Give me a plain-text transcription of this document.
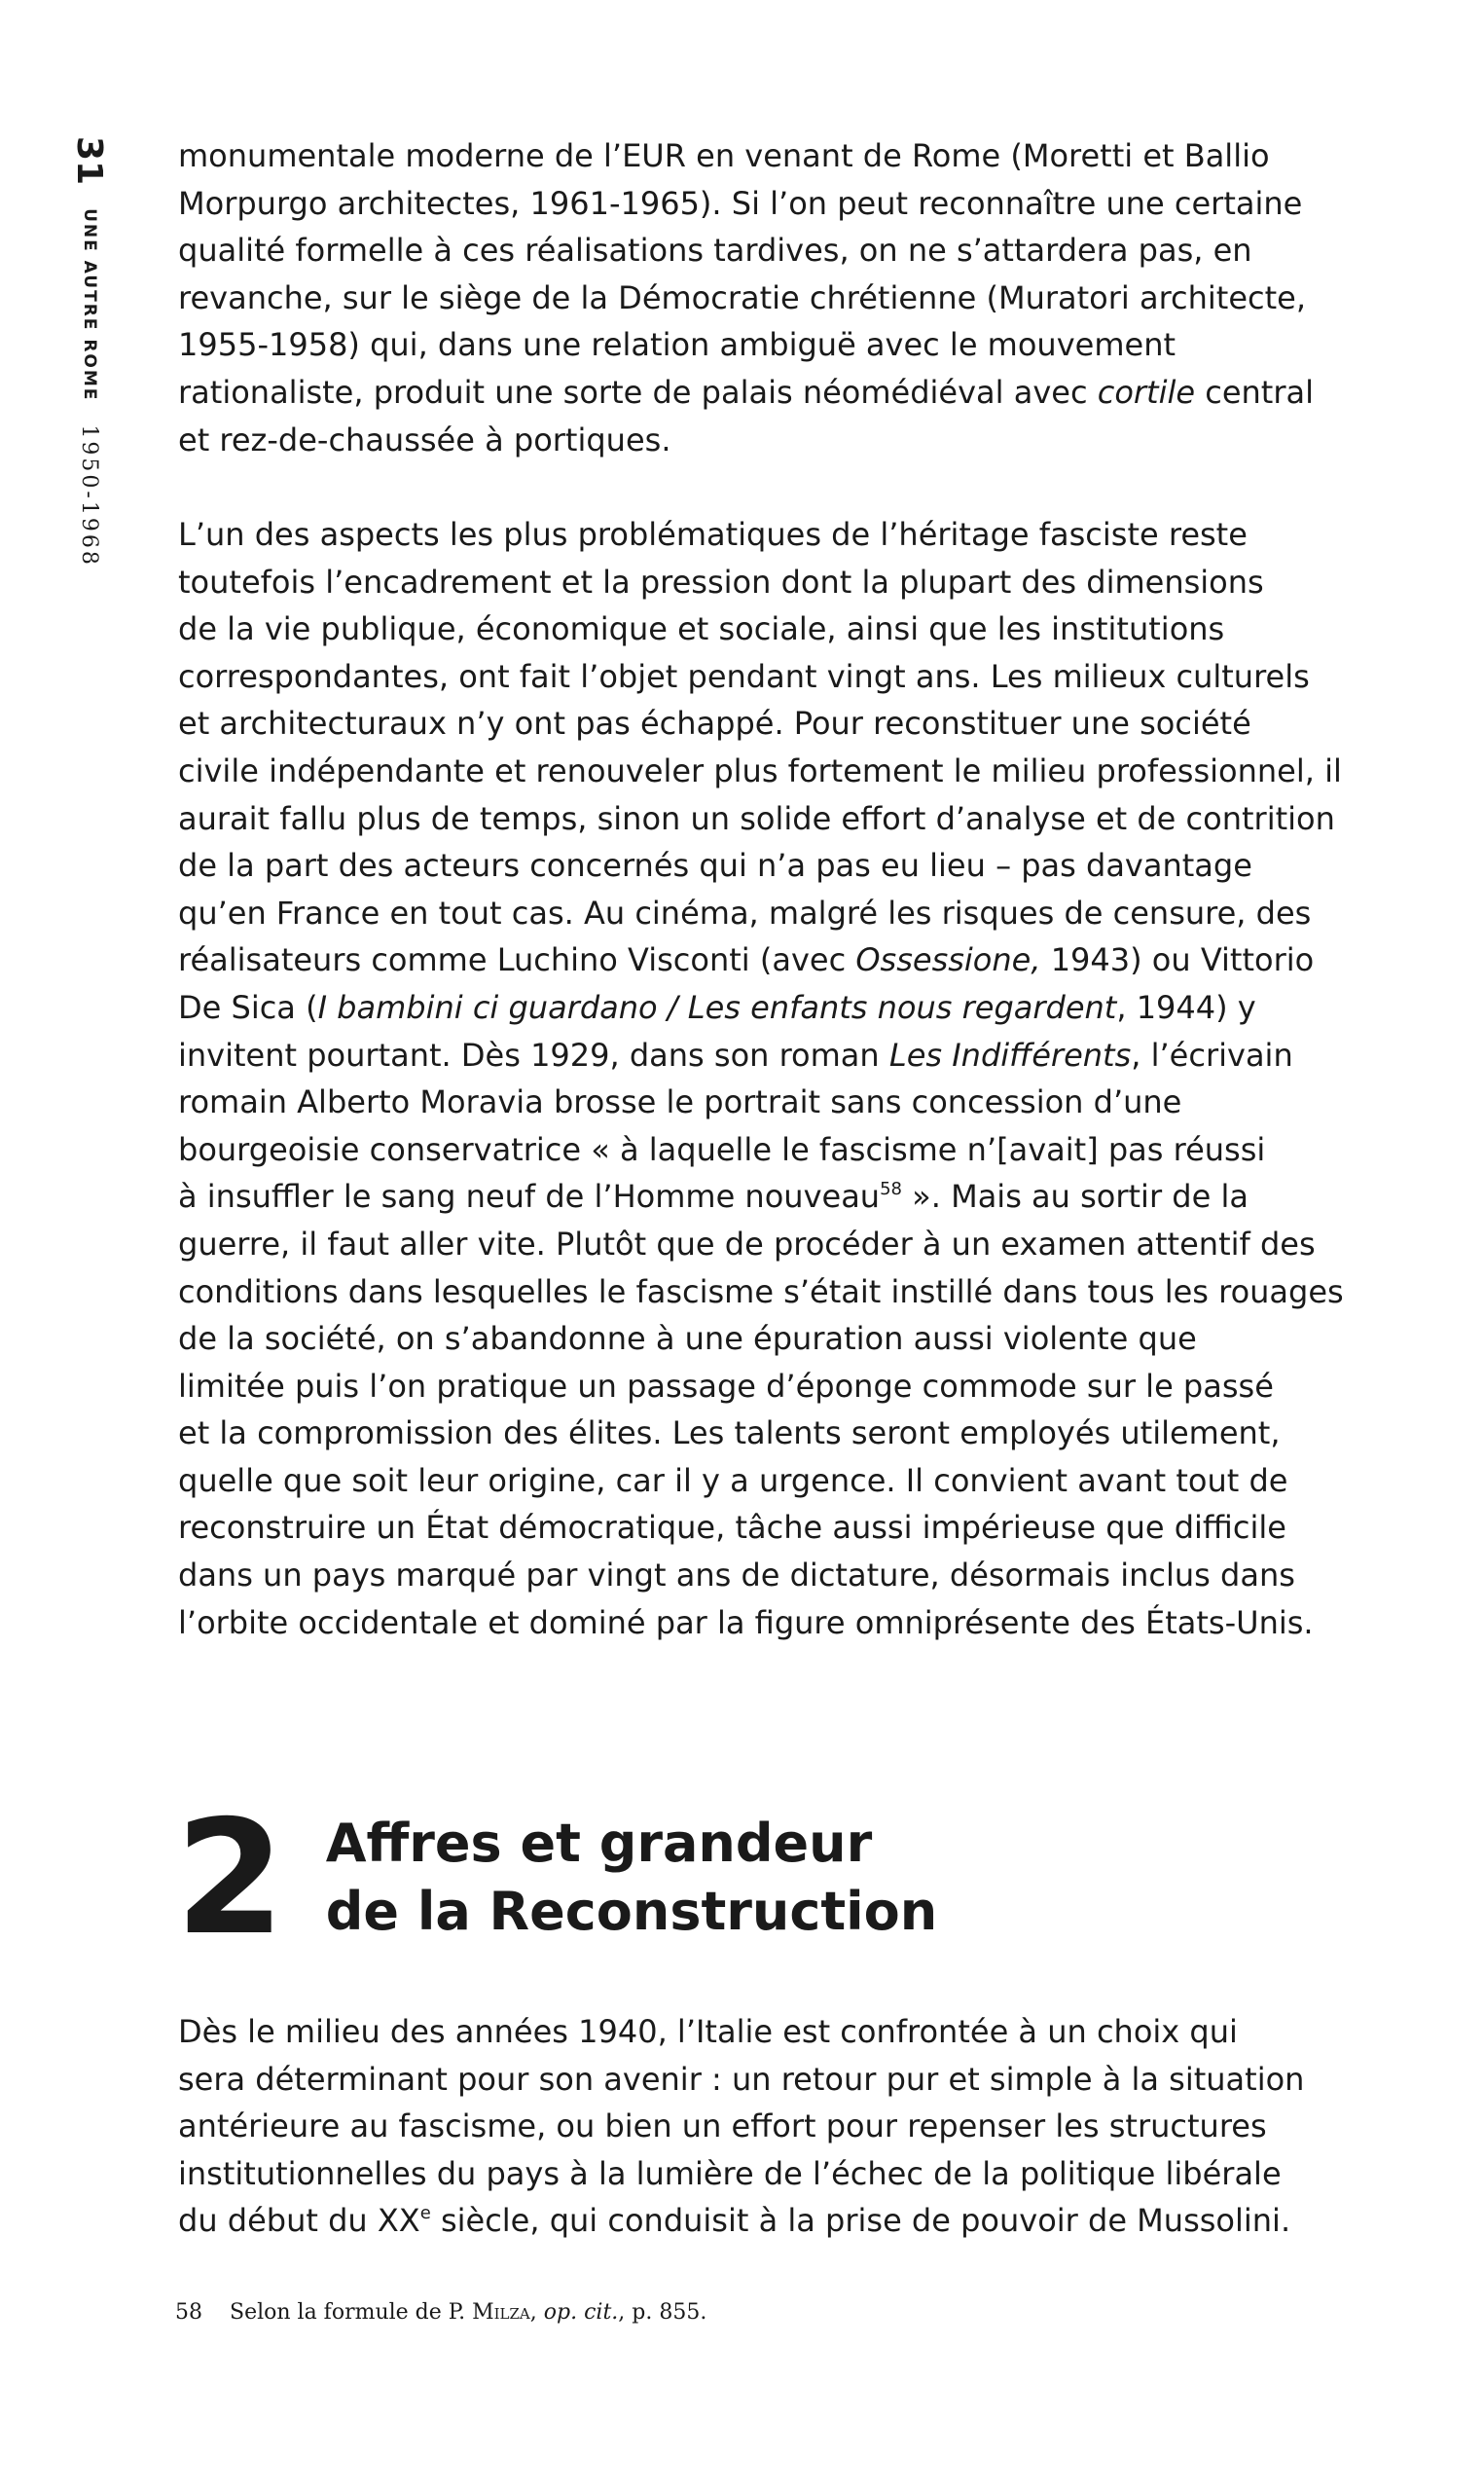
31
UNE AUTRE ROME
1950-1968
monumentale moderne de l’EUR en venant de Rome (Moretti et Ballio
Morpurgo architectes, 1961-1965). Si l’on peut reconnaître une certaine
qualité formelle à ces réalisations tardives, on ne s’attardera pas, en
revanche, sur le siège de la Démocratie chrétienne (Muratori architecte,
1955-1958) qui, dans une relation ambiguë avec le mouvement
rationaliste, produit une sorte de palais néomédiéval avec cortile central
et rez-de-chaussée à portiques.
L’un des aspects les plus problématiques de l’héritage fasciste reste
toutefois l’encadrement et la pression dont la plupart des dimensions
de la vie publique, économique et sociale, ainsi que les institutions
correspondantes, ont fait l’objet pendant vingt ans. Les milieux culturels
et architecturaux n’y ont pas échappé. Pour reconstituer une société
civile indépendante et renouveler plus fortement le milieu professionnel, il
aurait fallu plus de temps, sinon un solide effort d’analyse et de contrition
de la part des acteurs concernés qui n’a pas eu lieu – pas davantage
qu’en France en tout cas. Au cinéma, malgré les risques de censure, des
réalisateurs comme Luchino Visconti (avec Ossessione, 1943) ou Vittorio
De Sica (I bambini ci guardano / Les enfants nous regardent, 1944) y
invitent pourtant. Dès 1929, dans son roman Les Indifférents, l’écrivain
romain Alberto Moravia brosse le portrait sans concession d’une
bourgeoisie conservatrice « à laquelle le fascisme n’[avait] pas réussi
à insuffler le sang neuf de l’Homme nouveau$^{58}$ ». Mais au sortir de la
guerre, il faut aller vite. Plutôt que de procéder à un examen attentif des
conditions dans lesquelles le fascisme s’était instillé dans tous les rouages
de la société, on s’abandonne à une épuration aussi violente que
limitée puis l’on pratique un passage d’éponge commode sur le passé
et la compromission des élites. Les talents seront employés utilement,
quelle que soit leur origine, car il y a urgence. Il convient avant tout de
reconstruire un État démocratique, tâche aussi impérieuse que difficile
dans un pays marqué par vingt ans de dictature, désormais inclus dans
l’orbite occidentale et dominé par la figure omniprésente des États-Unis.
2 Affres et grandeur
de la Reconstruction
Dès le milieu des années 1940, l’Italie est confrontée à un choix qui
sera déterminant pour son avenir : un retour pur et simple à la situation
antérieure au fascisme, ou bien un effort pour repenser les structures
institutionnelles du pays à la lumière de l’échec de la politique libérale
du début du XXe siècle, qui conduisit à la prise de pouvoir de Mussolini.
58 Selon la formule de P. Milza, op. cit., p. 855.
